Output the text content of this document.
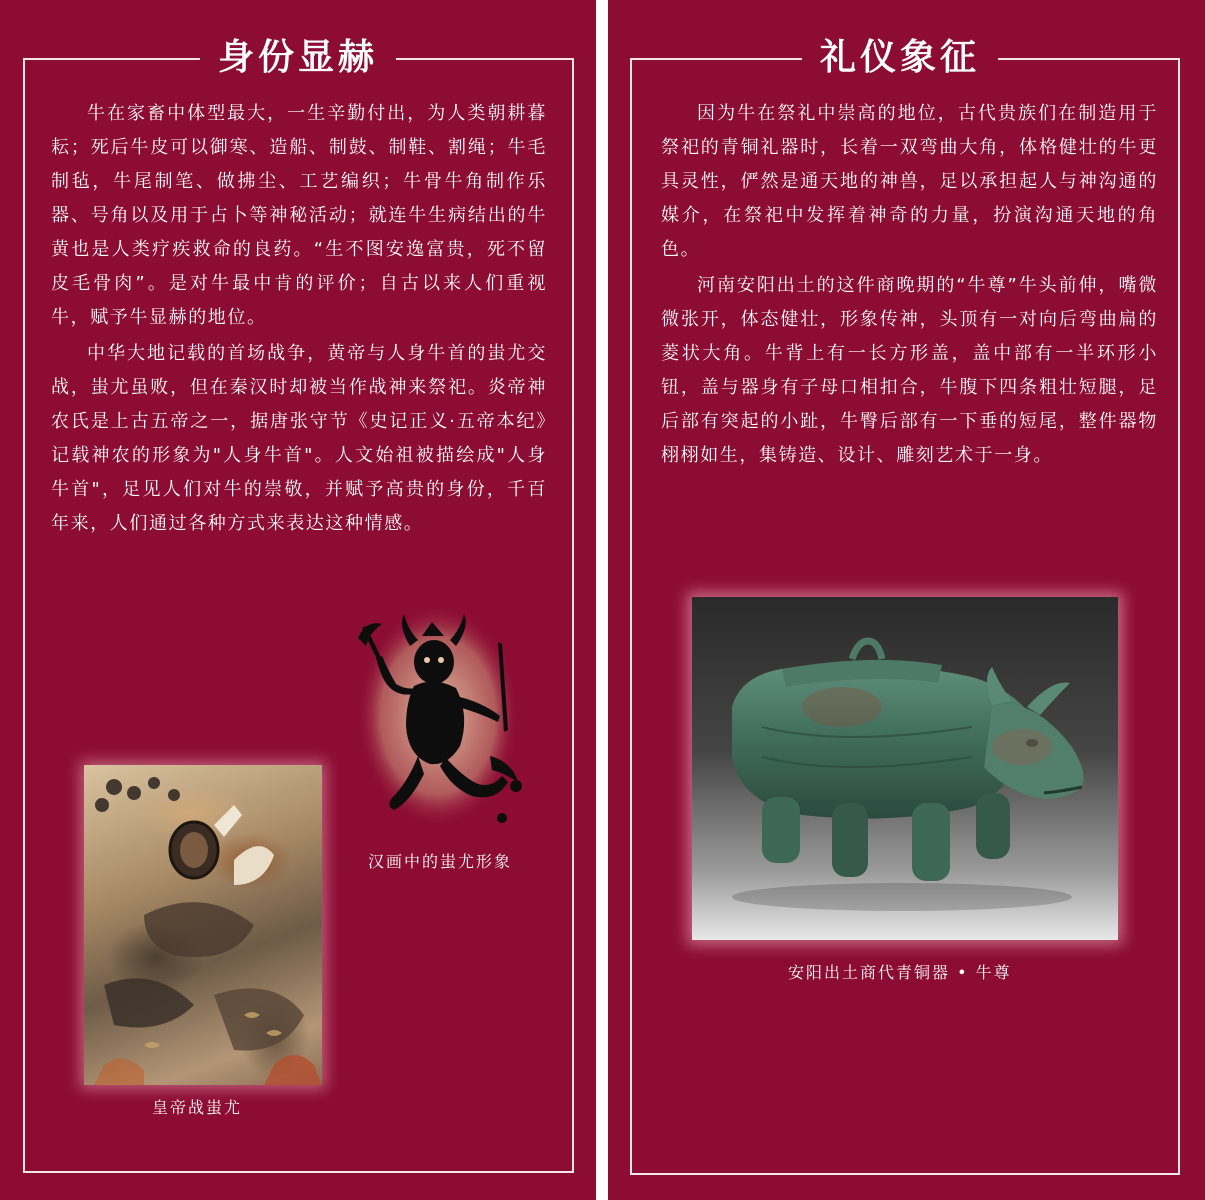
身份显赫

牛在家畜中体型最大，一生辛勤付出，为人类朝耕暮耘；死后牛皮可以御寒、造船、制鼓、制鞋、割绳；牛毛制毡，牛尾制笔、做拂尘、工艺编织；牛骨牛角制作乐器、号角以及用于占卜等神秘活动；就连牛生病结出的牛黄也是人类疗疾救命的良药。“生不图安逸富贵，死不留皮毛骨肉”。是对牛最中肯的评价；自古以来人们重视牛，赋予牛显赫的地位。

中华大地记载的首场战争，黄帝与人身牛首的蚩尤交战，蚩尤虽败，但在秦汉时却被当作战神来祭祀。炎帝神农氏是上古五帝之一，据唐张守节《史记正义·五帝本纪》记载神农的形象为"人身牛首"。人文始祖被描绘成"人身牛首"，足见人们对牛的崇敬，并赋予高贵的身份，千百年来，人们通过各种方式来表达这种情感。

汉画中的蚩尤形象
皇帝战蚩尤
礼仪象征

因为牛在祭礼中崇高的地位，古代贵族们在制造用于祭祀的青铜礼器时，长着一双弯曲大角，体格健壮的牛更具灵性，俨然是通天地的神兽，足以承担起人与神沟通的媒介，在祭祀中发挥着神奇的力量，扮演沟通天地的角色。

河南安阳出土的这件商晚期的“牛尊”牛头前伸，嘴微微张开，体态健壮，形象传神，头顶有一对向后弯曲扁的菱状大角。牛背上有一长方形盖，盖中部有一半环形小钮，盖与器身有子母口相扣合，牛腹下四条粗壮短腿，足后部有突起的小趾，牛臀后部有一下垂的短尾，整件器物栩栩如生，集铸造、设计、雕刻艺术于一身。

安阳出土商代青铜器 • 牛尊
